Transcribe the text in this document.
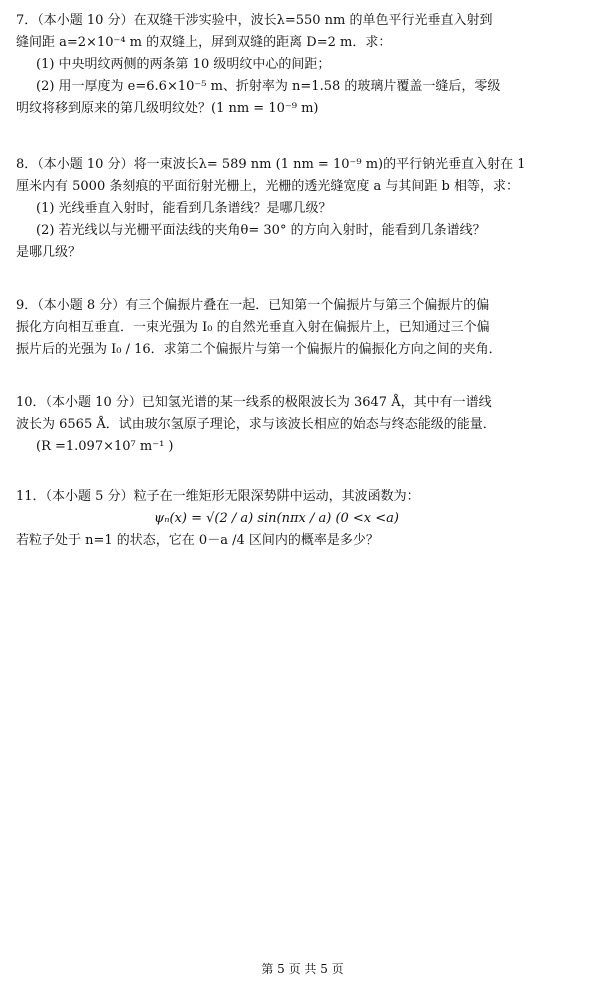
7．（本小题 10 分）在双缝干涉实验中，波长λ=550 nm 的单色平行光垂直入射到
缝间距 a=2×10⁻⁴ m 的双缝上，屏到双缝的距离 D=2 m．求：
(1) 中央明纹两侧的两条第 10 级明纹中心的间距；
(2) 用一厚度为 e=6.6×10⁻⁵ m、折射率为 n=1.58 的玻璃片覆盖一缝后，零级
明纹将移到原来的第几级明纹处？(1 nm = 10⁻⁹ m)
8．（本小题 10 分）将一束波长λ= 589 nm (1 nm = 10⁻⁹ m)的平行钠光垂直入射在 1
厘米内有 5000 条刻痕的平面衍射光栅上，光栅的透光缝宽度 a 与其间距 b 相等，求：
(1) 光线垂直入射时，能看到几条谱线？是哪几级？
(2) 若光线以与光栅平面法线的夹角θ= 30° 的方向入射时，能看到几条谱线？
是哪几级？
9．（本小题 8 分）有三个偏振片叠在一起．已知第一个偏振片与第三个偏振片的偏
振化方向相互垂直．一束光强为 I₀ 的自然光垂直入射在偏振片上，已知通过三个偏
振片后的光强为 I₀ / 16．求第二个偏振片与第一个偏振片的偏振化方向之间的夹角．
10．（本小题 10 分）已知氢光谱的某一线系的极限波长为 3647 Å，其中有一谱线
波长为 6565 Å．试由玻尔氢原子理论，求与该波长相应的始态与终态能级的能量．
(R =1.097×10⁷ m⁻¹ )
11．（本小题 5 分）粒子在一维矩形无限深势阱中运动，其波函数为：
ψₙ(x) = √(2 / a) sin(nπx / a) (0 <x <a)
若粒子处于 n=1 的状态，它在 0－a /4 区间内的概率是多少？
第 5 页 共 5 页
